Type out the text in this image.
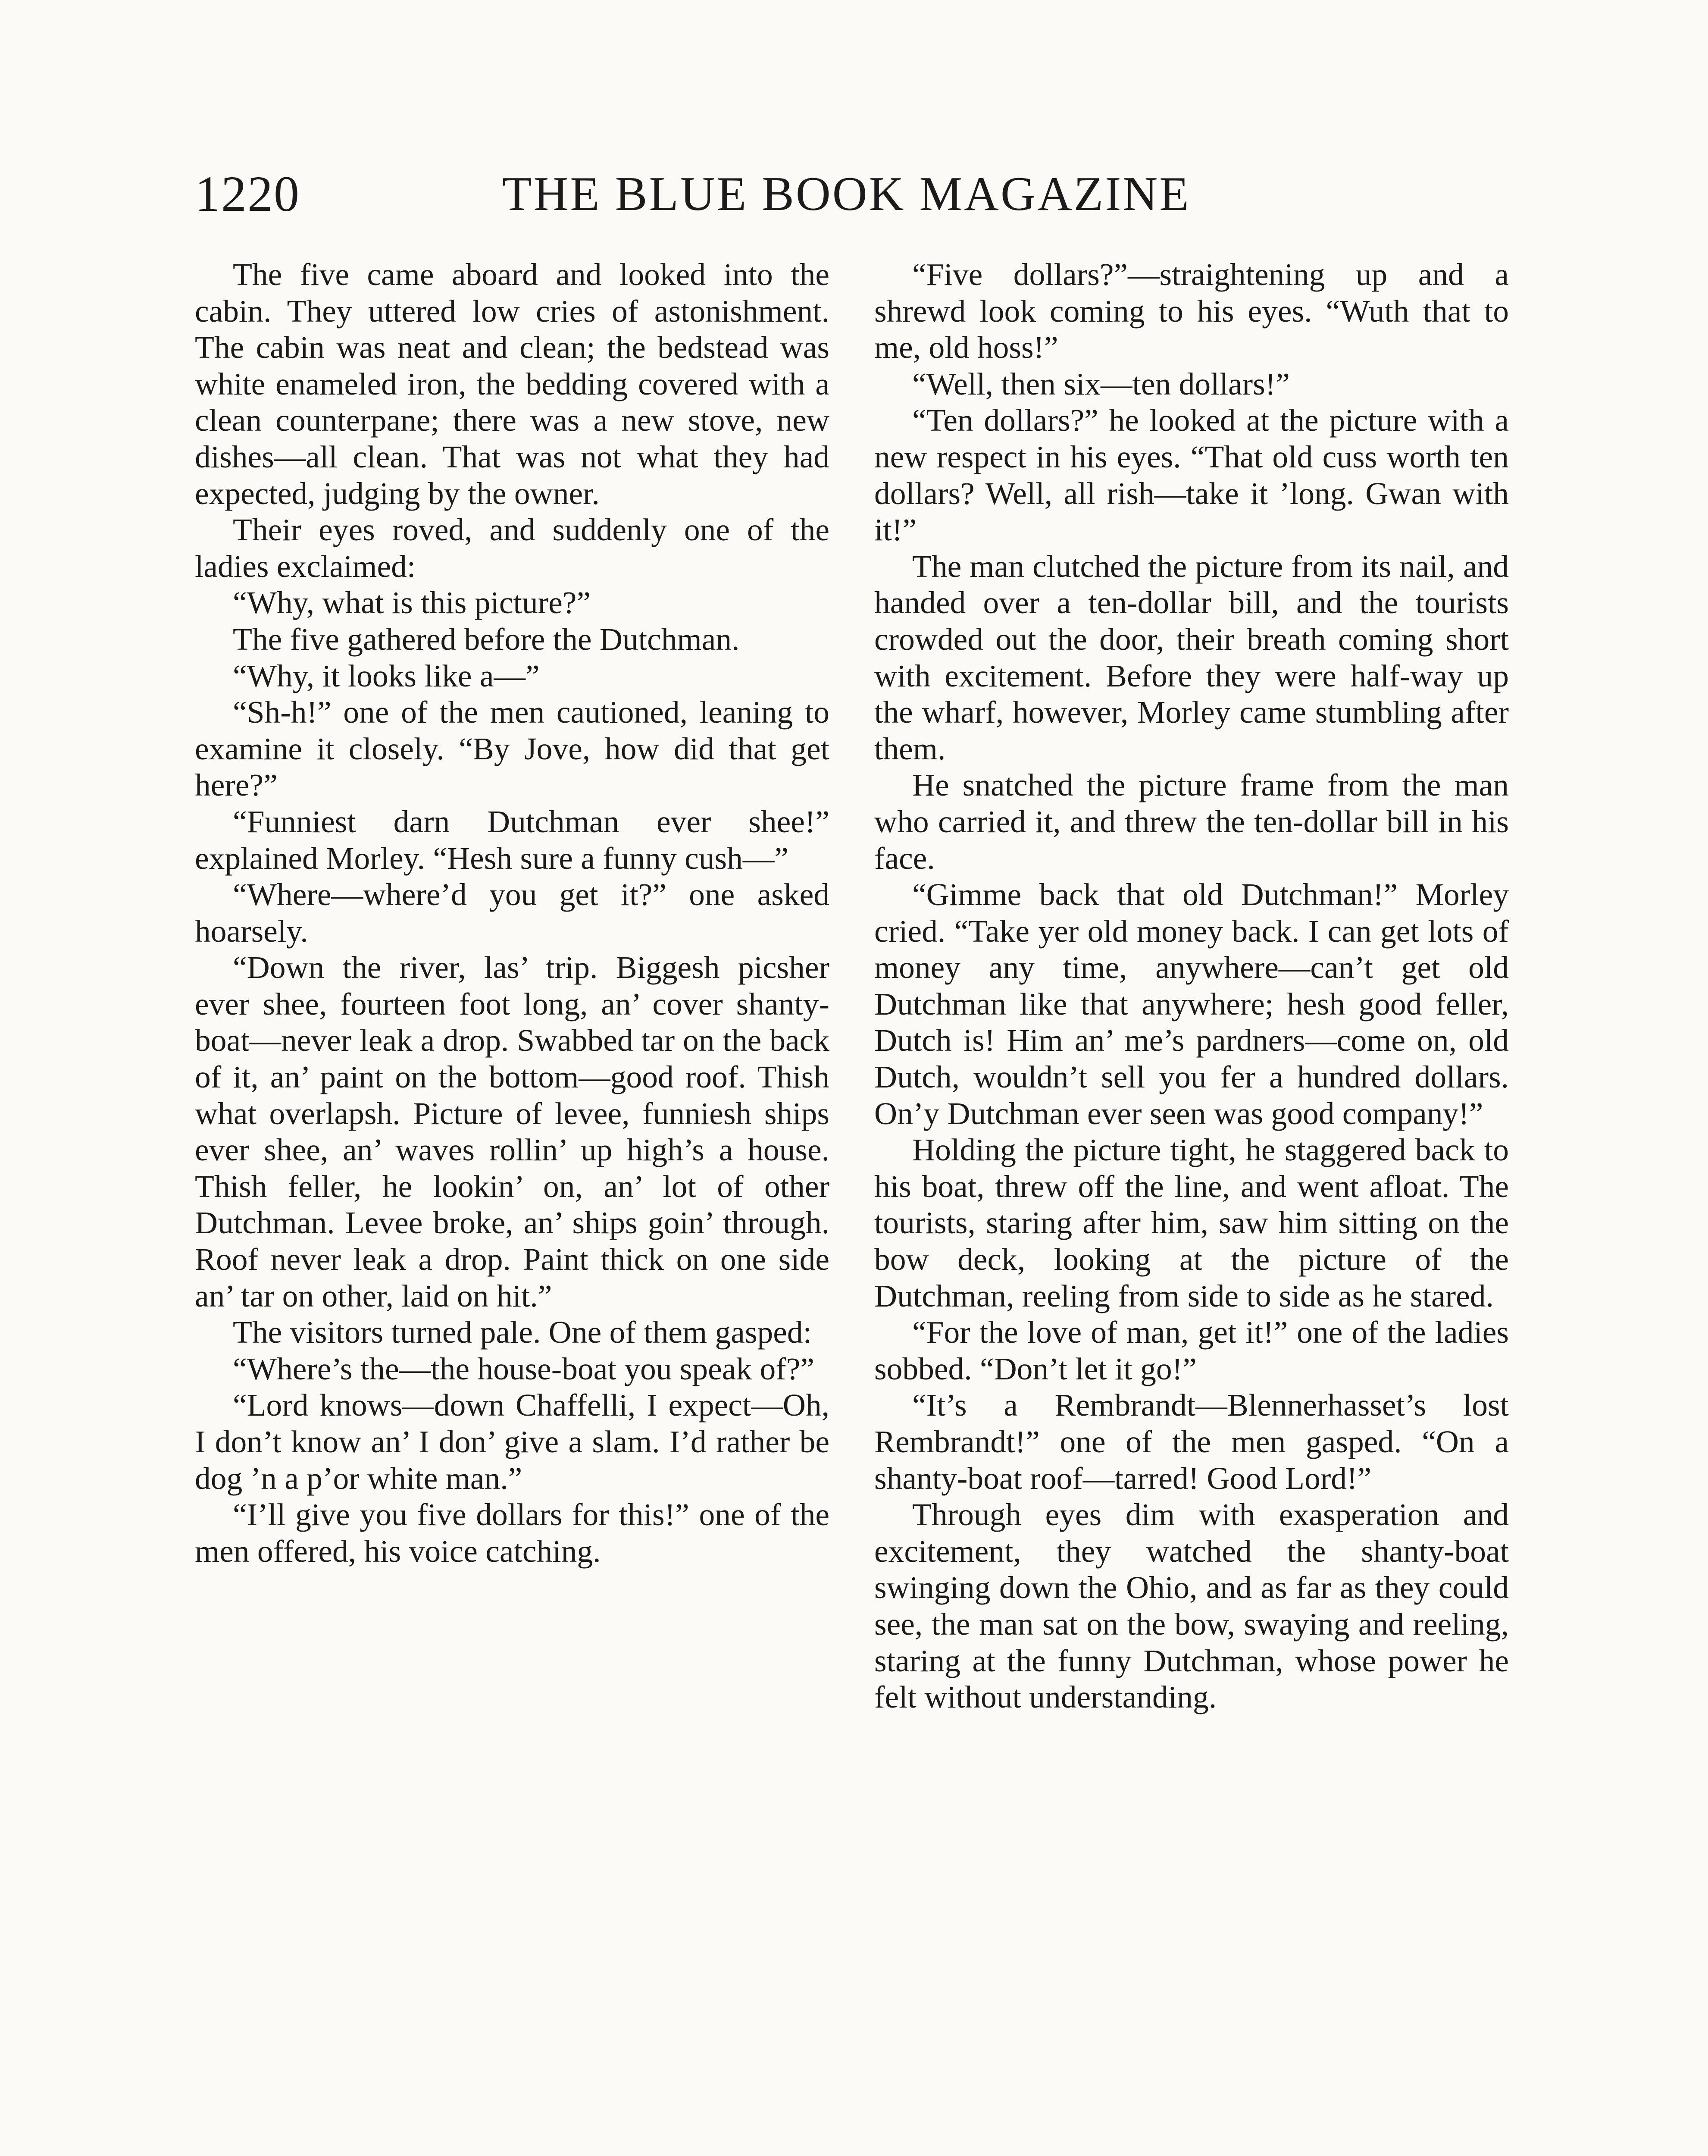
1220	THE BLUE BOOK MAGAZINE

The five came aboard and looked into the cabin. They uttered low cries of astonishment. The cabin was neat and clean; the bedstead was white enameled iron, the bedding covered with a clean counterpane; there was a new stove, new dishes—all clean. That was not what they had expected, judging by the owner.

Their eyes roved, and suddenly one of the ladies exclaimed:

“Why, what is this picture?”

The five gathered before the Dutchman.

“Why, it looks like a—”

“Sh-h!” one of the men cautioned, leaning to examine it closely. “By Jove, how did that get here?”

“Funniest darn Dutchman ever shee!” explained Morley. “Hesh sure a funny cush—”

“Where—where’d you get it?” one asked hoarsely.

“Down the river, las’ trip. Biggesh picsher ever shee, fourteen foot long, an’ cover shanty-boat—never leak a drop. Swabbed tar on the back of it, an’ paint on the bottom—good roof. Thish what overlapsh. Picture of levee, funniesh ships ever shee, an’ waves rollin’ up high’s a house. Thish feller, he lookin’ on, an’ lot of other Dutchman. Levee broke, an’ ships goin’ through. Roof never leak a drop. Paint thick on one side an’ tar on other, laid on hit.”

The visitors turned pale. One of them gasped:

“Where’s the—the house-boat you speak of?”

“Lord knows—down Chaffelli, I expect—Oh, I don’t know an’ I don’ give a slam. I’d rather be dog ’n a p’or white man.”

“I’ll give you five dollars for this!” one of the men offered, his voice catching.

“Five dollars?”—straightening up and a shrewd look coming to his eyes. “Wuth that to me, old hoss!”

“Well, then six—ten dollars!”

“Ten dollars?” he looked at the picture with a new respect in his eyes. “That old cuss worth ten dollars? Well, all rish—take it ’long. Gwan with it!”

The man clutched the picture from its nail, and handed over a ten-dollar bill, and the tourists crowded out the door, their breath coming short with excitement. Before they were half-way up the wharf, however, Morley came stumbling after them.

He snatched the picture frame from the man who carried it, and threw the ten-dollar bill in his face.

“Gimme back that old Dutchman!” Morley cried. “Take yer old money back. I can get lots of money any time, anywhere—can’t get old Dutchman like that anywhere; hesh good feller, Dutch is! Him an’ me’s pardners—come on, old Dutch, wouldn’t sell you fer a hundred dollars. On’y Dutchman ever seen was good company!”

Holding the picture tight, he staggered back to his boat, threw off the line, and went afloat. The tourists, staring after him, saw him sitting on the bow deck, looking at the picture of the Dutchman, reeling from side to side as he stared.

“For the love of man, get it!” one of the ladies sobbed. “Don’t let it go!”

“It’s a Rembrandt—Blennerhasset’s lost Rembrandt!” one of the men gasped. “On a shanty-boat roof—tarred! Good Lord!”

Through eyes dim with exasperation and excitement, they watched the shanty-boat swinging down the Ohio, and as far as they could see, the man sat on the bow, swaying and reeling, staring at the funny Dutchman, whose power he felt without understanding.
